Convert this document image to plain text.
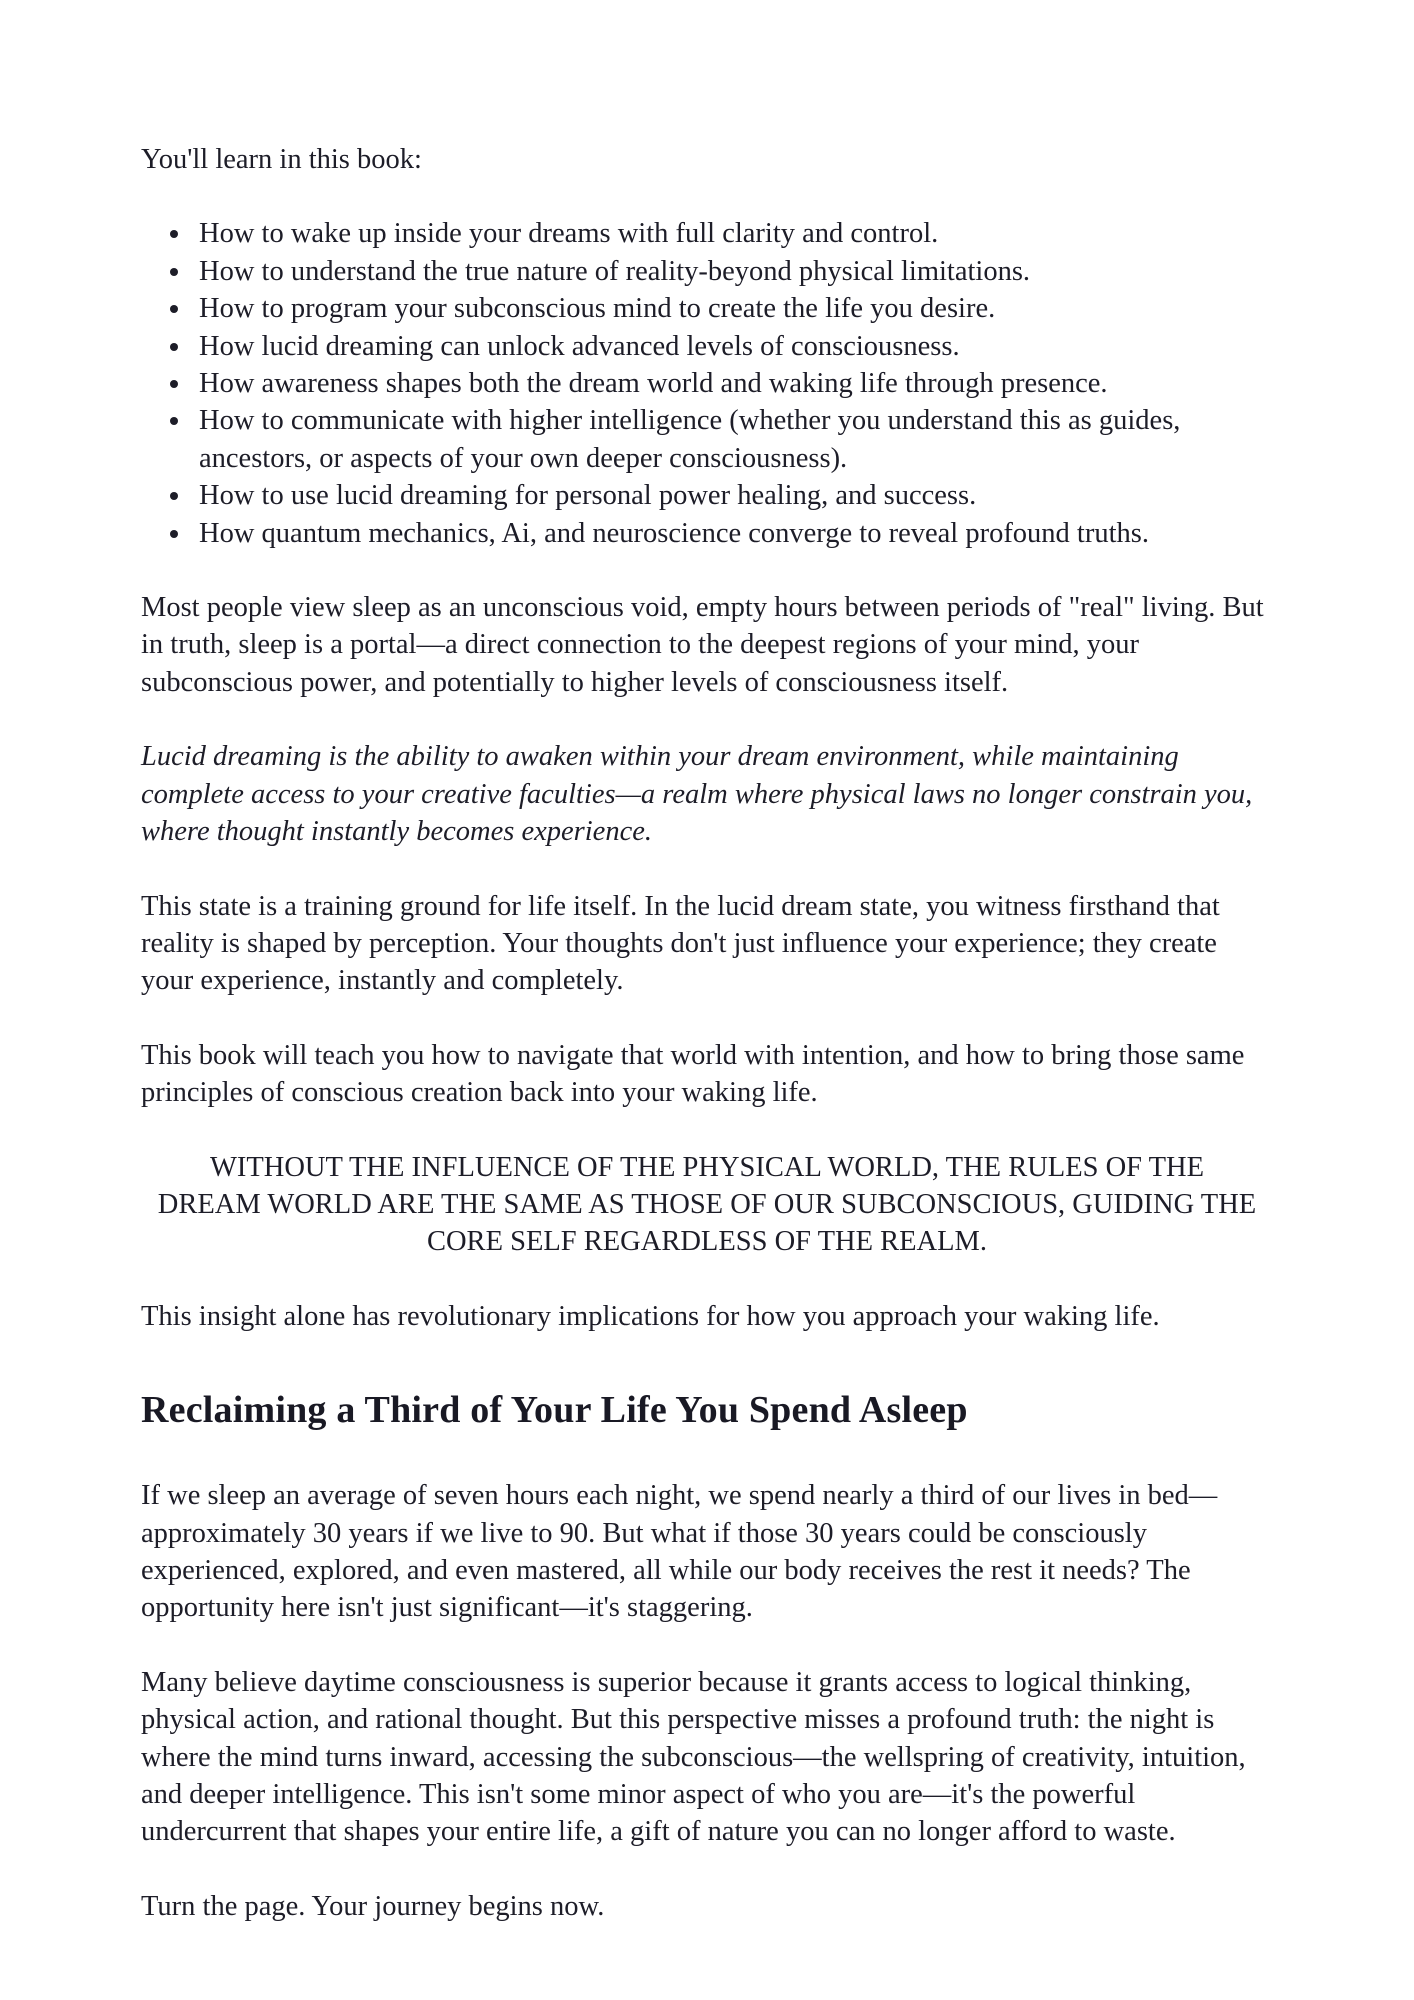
You'll learn in this book:

• How to wake up inside your dreams with full clarity and control.
• How to understand the true nature of reality-beyond physical limitations.
• How to program your subconscious mind to create the life you desire.
• How lucid dreaming can unlock advanced levels of consciousness.
• How awareness shapes both the dream world and waking life through presence.
• How to communicate with higher intelligence (whether you understand this as guides, ancestors, or aspects of your own deeper consciousness).
• How to use lucid dreaming for personal power healing, and success.
• How quantum mechanics, Ai, and neuroscience converge to reveal profound truths.

Most people view sleep as an unconscious void, empty hours between periods of "real" living. But in truth, sleep is a portal—a direct connection to the deepest regions of your mind, your subconscious power, and potentially to higher levels of consciousness itself.

Lucid dreaming is the ability to awaken within your dream environment, while maintaining complete access to your creative faculties—a realm where physical laws no longer constrain you, where thought instantly becomes experience.

This state is a training ground for life itself. In the lucid dream state, you witness firsthand that reality is shaped by perception. Your thoughts don't just influence your experience; they create your experience, instantly and completely.

This book will teach you how to navigate that world with intention, and how to bring those same principles of conscious creation back into your waking life.

WITHOUT THE INFLUENCE OF THE PHYSICAL WORLD, THE RULES OF THE DREAM WORLD ARE THE SAME AS THOSE OF OUR SUBCONSCIOUS, GUIDING THE CORE SELF REGARDLESS OF THE REALM.

This insight alone has revolutionary implications for how you approach your waking life.

Reclaiming a Third of Your Life You Spend Asleep

If we sleep an average of seven hours each night, we spend nearly a third of our lives in bed—approximately 30 years if we live to 90. But what if those 30 years could be consciously experienced, explored, and even mastered, all while our body receives the rest it needs? The opportunity here isn't just significant—it's staggering.

Many believe daytime consciousness is superior because it grants access to logical thinking, physical action, and rational thought. But this perspective misses a profound truth: the night is where the mind turns inward, accessing the subconscious—the wellspring of creativity, intuition, and deeper intelligence. This isn't some minor aspect of who you are—it's the powerful undercurrent that shapes your entire life, a gift of nature you can no longer afford to waste.

Turn the page. Your journey begins now.
